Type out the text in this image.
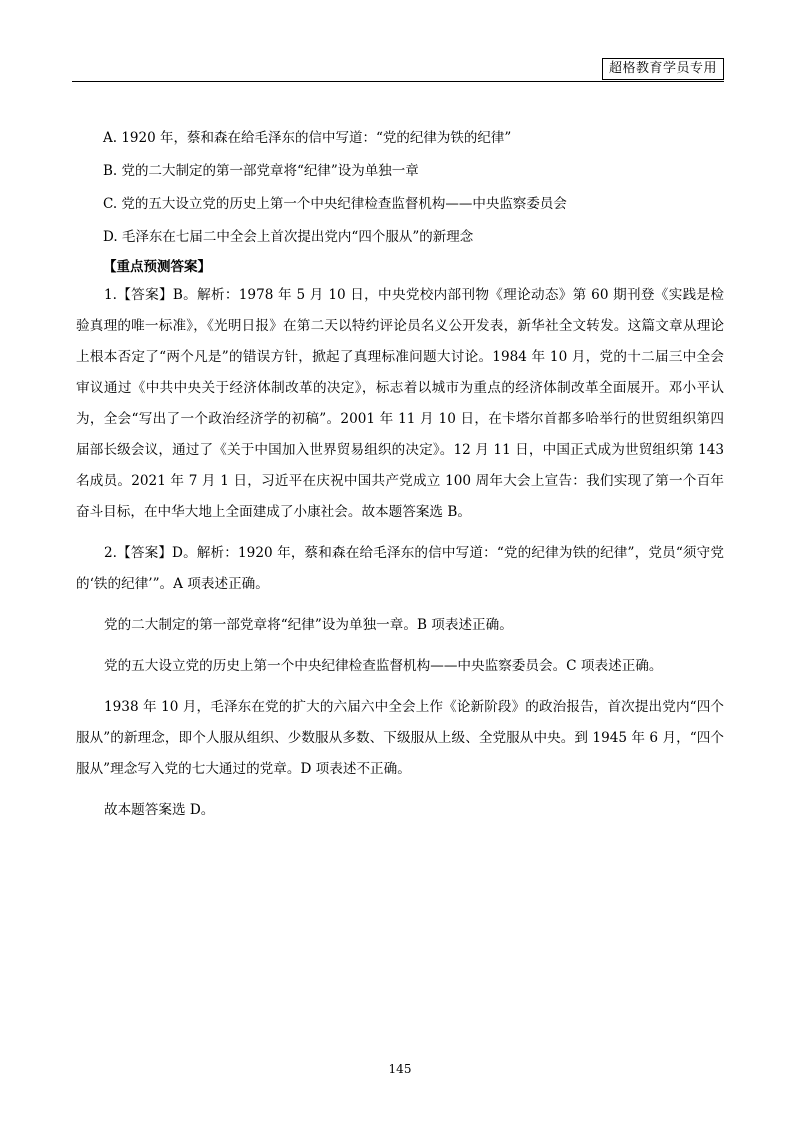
超格教育学员专用
A. 1920 年，蔡和森在给毛泽东的信中写道：“党的纪律为铁的纪律”
B. 党的二大制定的第一部党章将“纪律”设为单独一章
C. 党的五大设立党的历史上第一个中央纪律检查监督机构——中央监察委员会
D. 毛泽东在七届二中全会上首次提出党内“四个服从”的新理念
【重点预测答案】

1.【答案】B。解析：1978 年 5 月 10 日，中央党校内部刊物《理论动态》第 60 期刊登《实践是检验真理的唯一标准》，《光明日报》在第二天以特约评论员名义公开发表，新华社全文转发。这篇文章从理论上根本否定了“两个凡是”的错误方针，掀起了真理标准问题大讨论。1984 年 10 月，党的十二届三中全会审议通过《中共中央关于经济体制改革的决定》，标志着以城市为重点的经济体制改革全面展开。邓小平认为，全会“写出了一个政治经济学的初稿”。2001 年 11 月 10 日，在卡塔尔首都多哈举行的世贸组织第四届部长级会议，通过了《关于中国加入世界贸易组织的决定》。12 月 11 日，中国正式成为世贸组织第 143 名成员。2021 年 7 月 1 日，习近平在庆祝中国共产党成立 100 周年大会上宣告：我们实现了第一个百年奋斗目标，在中华大地上全面建成了小康社会。故本题答案选 B。

2.【答案】D。解析：1920 年，蔡和森在给毛泽东的信中写道：“党的纪律为铁的纪律”，党员“须守党的‘铁的纪律’”。A 项表述正确。

党的二大制定的第一部党章将“纪律”设为单独一章。B 项表述正确。

党的五大设立党的历史上第一个中央纪律检查监督机构——中央监察委员会。C 项表述正确。

1938 年 10 月，毛泽东在党的扩大的六届六中全会上作《论新阶段》的政治报告，首次提出党内“四个服从”的新理念，即个人服从组织、少数服从多数、下级服从上级、全党服从中央。到 1945 年 6 月，“四个服从”理念写入党的七大通过的党章。D 项表述不正确。

故本题答案选 D。

145
